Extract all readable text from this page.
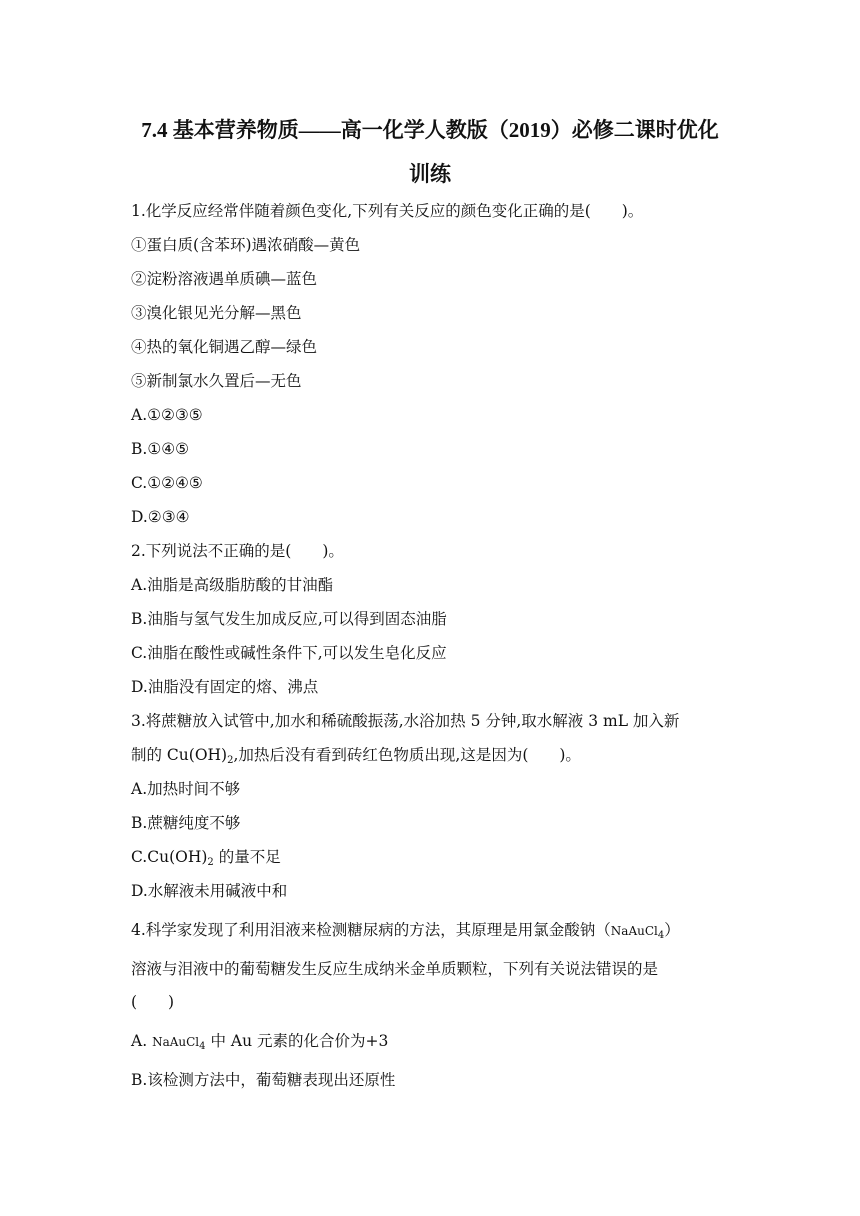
7.4 基本营养物质——高一化学人教版（2019）必修二课时优化
训练
1.化学反应经常伴随着颜色变化,下列有关反应的颜色变化正确的是(　　)。
①蛋白质(含苯环)遇浓硝酸—黄色
②淀粉溶液遇单质碘—蓝色
③溴化银见光分解—黑色
④热的氧化铜遇乙醇—绿色
⑤新制氯水久置后—无色
A.①②③⑤
B.①④⑤
C.①②④⑤
D.②③④
2.下列说法不正确的是(　　)。
A.油脂是高级脂肪酸的甘油酯
B.油脂与氢气发生加成反应,可以得到固态油脂
C.油脂在酸性或碱性条件下,可以发生皂化反应
D.油脂没有固定的熔、沸点
3.将蔗糖放入试管中,加水和稀硫酸振荡,水浴加热 5 分钟,取水解液 3 mL 加入新
制的 $Cu(OH)_2$,加热后没有看到砖红色物质出现,这是因为(　　)。
A.加热时间不够
B.蔗糖纯度不够
$C.Cu(OH)_2$ 的量不足
D.水解液未用碱液中和
4.科学家发现了利用泪液来检测糖尿病的方法，其原理是用氯金酸钠（NaAuCl$_4$）
溶液与泪液中的葡萄糖发生反应生成纳米金单质颗粒，下列有关说法错误的是
(　　)
A. NaAuCl$_4$ 中 Au 元素的化合价为+3
B.该检测方法中，葡萄糖表现出还原性
